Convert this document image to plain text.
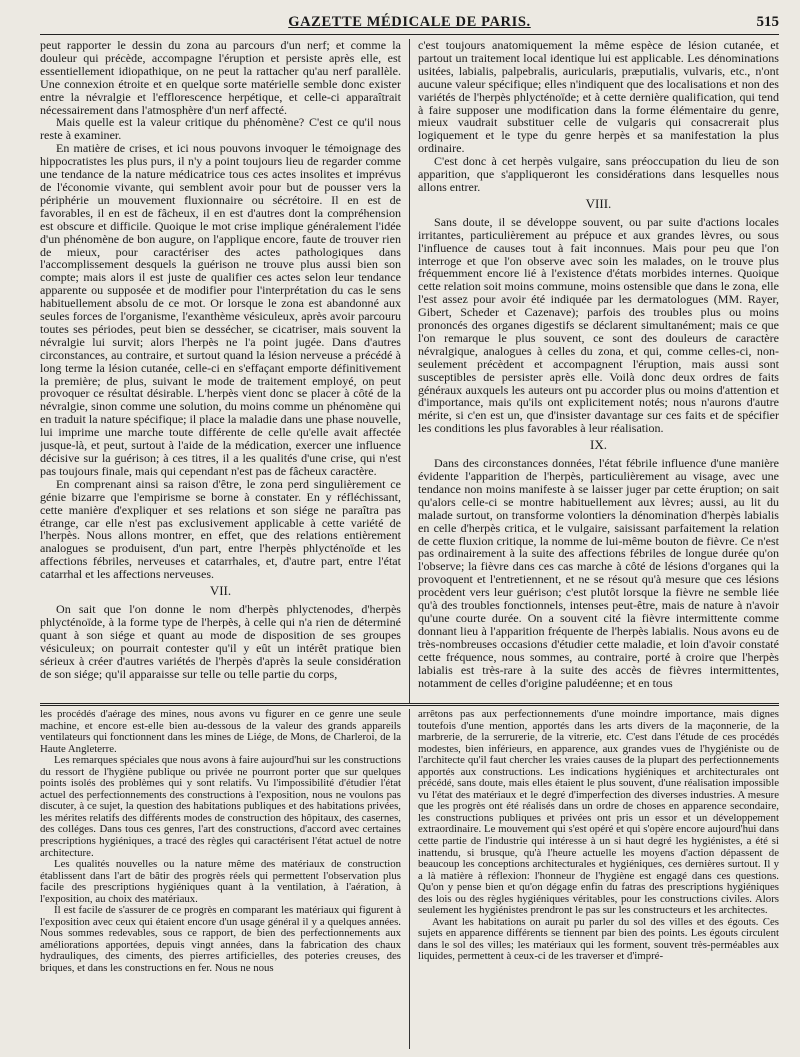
GAZETTE MÉDICALE DE PARIS.	515

peut rapporter le dessin du zona au parcours d'un nerf; et comme la douleur qui précède, accompagne l'éruption et persiste après elle, est essentiellement idiopathique, on ne peut la rattacher qu'au nerf parallèle. Une connexion étroite et en quelque sorte matérielle semble donc exister entre la névralgie et l'efflorescence herpétique, et celle-ci apparaîtrait nécessairement dans l'atmosphère d'un nerf affecté.

Mais quelle est la valeur critique du phénomène? C'est ce qu'il nous reste à examiner.

En matière de crises, et ici nous pouvons invoquer le témoignage des hippocratistes les plus purs, il n'y a point toujours lieu de regarder comme une tendance de la nature médicatrice tous ces actes insolites et imprévus de l'économie vivante, qui semblent avoir pour but de pousser vers la périphérie un mouvement fluxionnaire ou sécrétoire. Il en est de favorables, il en est de fâcheux, il en est d'autres dont la compréhension est obscure et difficile. Quoique le mot crise implique généralement l'idée d'un phénomène de bon augure, on l'applique encore, faute de trouver rien de mieux, pour caractériser des actes pathologiques dans l'accomplissement desquels la guérison ne trouve plus aussi bien son compte; mais alors il est juste de qualifier ces actes selon leur tendance apparente ou supposée et de modifier pour l'interprétation du cas le sens habituellement absolu de ce mot. Or lorsque le zona est abandonné aux seules forces de l'organisme, l'exanthème vésiculeux, après avoir parcouru toutes ses périodes, peut bien se dessécher, se cicatriser, mais souvent la névralgie lui survit; alors l'herpès ne l'a point jugée. Dans d'autres circonstances, au contraire, et surtout quand la lésion nerveuse a précédé à long terme la lésion cutanée, celle-ci en s'effaçant emporte définitivement la première; de plus, suivant le mode de traitement employé, on peut provoquer ce résultat désirable. L'herpès vient donc se placer à côté de la névralgie, sinon comme une solution, du moins comme un phénomène qui en traduit la nature spécifique; il place la maladie dans une phase nouvelle, lui imprime une marche toute différente de celle qu'elle avait affectée jusque-là, et peut, surtout à l'aide de la médication, exercer une influence décisive sur la guérison; à ces titres, il a les qualités d'une crise, qui n'est pas toujours finale, mais qui cependant n'est pas de fâcheux caractère.

En comprenant ainsi sa raison d'être, le zona perd singulièrement ce génie bizarre que l'empirisme se borne à constater. En y réfléchissant, cette manière d'expliquer et ses relations et son siége ne paraîtra pas étrange, car elle n'est pas exclusivement applicable à cette variété de l'herpès. Nous allons montrer, en effet, que des relations entièrement analogues se produisent, d'un part, entre l'herpès phlycténoïde et les affections fébriles, nerveuses et catarrhales, et, d'autre part, entre l'état catarrhal et les affections nerveuses.

VII.

On sait que l'on donne le nom d'herpès phlyctenodes, d'herpès phlycténoïde, à la forme type de l'herpès, à celle qui n'a rien de déterminé quant à son siége et quant au mode de disposition de ses groupes vésiculeux; on pourrait contester qu'il y eût un intérêt pratique bien sérieux à créer d'autres variétés de l'herpès d'après la seule considération de son siége; qu'il apparaisse sur telle ou telle partie du corps,

c'est toujours anatomiquement la même espèce de lésion cutanée, et partout un traitement local identique lui est applicable. Les dénominations usitées, labialis, palpebralis, auricularis, præputialis, vulvaris, etc., n'ont aucune valeur spécifique; elles n'indiquent que des localisations et non des variétés de l'herpès phlycténoïde; et à cette dernière qualification, qui tend à faire supposer une modification dans la forme élémentaire du genre, mieux vaudrait substituer celle de vulgaris qui consacrerait plus logiquement et le type du genre herpès et sa manifestation la plus ordinaire.

C'est donc à cet herpès vulgaire, sans préoccupation du lieu de son apparition, que s'appliqueront les considérations dans lesquelles nous allons entrer.

VIII.

Sans doute, il se développe souvent, ou par suite d'actions locales irritantes, particulièrement au prépuce et aux grandes lèvres, ou sous l'influence de causes tout à fait inconnues. Mais pour peu que l'on interroge et que l'on observe avec soin les malades, on le trouve plus fréquemment encore lié à l'existence d'états morbides internes. Quoique cette relation soit moins commune, moins ostensible que dans le zona, elle l'est assez pour avoir été indiquée par les dermatologues (MM. Rayer, Gibert, Scheder et Cazenave); parfois des troubles plus ou moins prononcés des organes digestifs se déclarent simultanément; mais ce que l'on remarque le plus souvent, ce sont des douleurs de caractère névralgique, analogues à celles du zona, et qui, comme celles-ci, non-seulement précèdent et accompagnent l'éruption, mais aussi sont susceptibles de persister après elle. Voilà donc deux ordres de faits généraux auxquels les auteurs ont pu accorder plus ou moins d'attention et d'importance, mais qu'ils ont explicitement notés; nous n'aurons d'autre mérite, si c'en est un, que d'insister davantage sur ces faits et de spécifier les conditions les plus favorables à leur réalisation.

IX.

Dans des circonstances données, l'état fébrile influence d'une manière évidente l'apparition de l'herpès, particulièrement au visage, avec une tendance non moins manifeste à se laisser juger par cette éruption; on sait qu'alors celle-ci se montre habituellement aux lèvres; aussi, au lit du malade surtout, on transforme volontiers la dénomination d'herpès labialis en celle d'herpès critica, et le vulgaire, saisissant parfaitement la relation de cette fluxion critique, la nomme de lui-même bouton de fièvre. Ce n'est pas ordinairement à la suite des affections fébriles de longue durée qu'on l'observe; la fièvre dans ces cas marche à côté de lésions d'organes qui la provoquent et l'entretiennent, et ne se résout qu'à mesure que ces lésions procèdent vers leur guérison; c'est plutôt lorsque la fièvre ne semble liée qu'à des troubles fonctionnels, intenses peut-être, mais de nature à n'avoir qu'une courte durée. On a souvent cité la fièvre intermittente comme donnant lieu à l'apparition fréquente de l'herpès labialis. Nous avons eu de très-nombreuses occasions d'étudier cette maladie, et loin d'avoir constaté cette fréquence, nous sommes, au contraire, porté à croire que l'herpès labialis est très-rare à la suite des accès de fièvres intermittentes, notamment de celles d'origine paludéenne; et en tous

les procédés d'aérage des mines, nous avons vu figurer en ce genre une seule machine, et encore est-elle bien au-dessous de la valeur des grands appareils ventilateurs qui fonctionnent dans les mines de Liége, de Mons, de Charleroi, de la Haute Angleterre.

Les remarques spéciales que nous avons à faire aujourd'hui sur les constructions du ressort de l'hygiène publique ou privée ne pourront porter que sur quelques points isolés des problèmes qui y sont relatifs. Vu l'impossibilité d'étudier l'état actuel des perfectionnements des constructions à l'exposition, nous ne voulons pas discuter, à ce sujet, la question des habitations publiques et des habitations privées, les mérites relatifs des différents modes de construction des hôpitaux, des casernes, des colléges. Dans tous ces genres, l'art des constructions, d'accord avec certaines prescriptions hygiéniques, a tracé des règles qui caractérisent l'état actuel de notre architecture.

Les qualités nouvelles ou la nature même des matériaux de construction établissent dans l'art de bâtir des progrès réels qui permettent l'observation plus facile des prescriptions hygiéniques quant à la ventilation, à l'aération, à l'exposition, au choix des matériaux.

Il est facile de s'assurer de ce progrès en comparant les matériaux qui figurent à l'exposition avec ceux qui étaient encore d'un usage général il y a quelques années. Nous sommes redevables, sous ce rapport, de bien des perfectionnements aux améliorations apportées, depuis vingt années, dans la fabrication des chaux hydrauliques, des ciments, des pierres artificielles, des poteries creuses, des briques, et dans les constructions en fer. Nous ne nous

arrêtons pas aux perfectionnements d'une moindre importance, mais dignes toutefois d'une mention, apportés dans les arts divers de la maçonnerie, de la marbrerie, de la serrurerie, de la vitrerie, etc. C'est dans l'étude de ces procédés modestes, bien inférieurs, en apparence, aux grandes vues de l'hygiéniste ou de l'architecte qu'il faut chercher les vraies causes de la plupart des perfectionnements apportés aux constructions. Les indications hygiéniques et architecturales ont précédé, sans doute, mais elles étaient le plus souvent, d'une réalisation impossible vu l'état des matériaux et le degré d'imperfection des diverses industries. A mesure que les progrès ont été réalisés dans un ordre de choses en apparence secondaire, les constructions publiques et privées ont pris un essor et un développement extraordinaire. Le mouvement qui s'est opéré et qui s'opère encore aujourd'hui dans cette partie de l'industrie qui intéresse à un si haut degré les hygiénistes, a été si inattendu, si brusque, qu'à l'heure actuelle les moyens d'action dépassent de beaucoup les conceptions architecturales et hygiéniques, ces dernières surtout. Il y a là matière à réflexion: l'honneur de l'hygiène est engagé dans ces questions. Qu'on y pense bien et qu'on dégage enfin du fatras des prescriptions hygiéniques des lois ou des règles hygiéniques véritables, pour les constructions civiles. Alors seulement les hygiénistes prendront le pas sur les constructeurs et les architectes.

Avant les habitations on aurait pu parler du sol des villes et des égouts. Ces sujets en apparence différents se tiennent par bien des points. Les égouts circulent dans le sol des villes; les matériaux qui les forment, souvent très-perméables aux liquides, permettent à ceux-ci de les traverser et d'impré-
